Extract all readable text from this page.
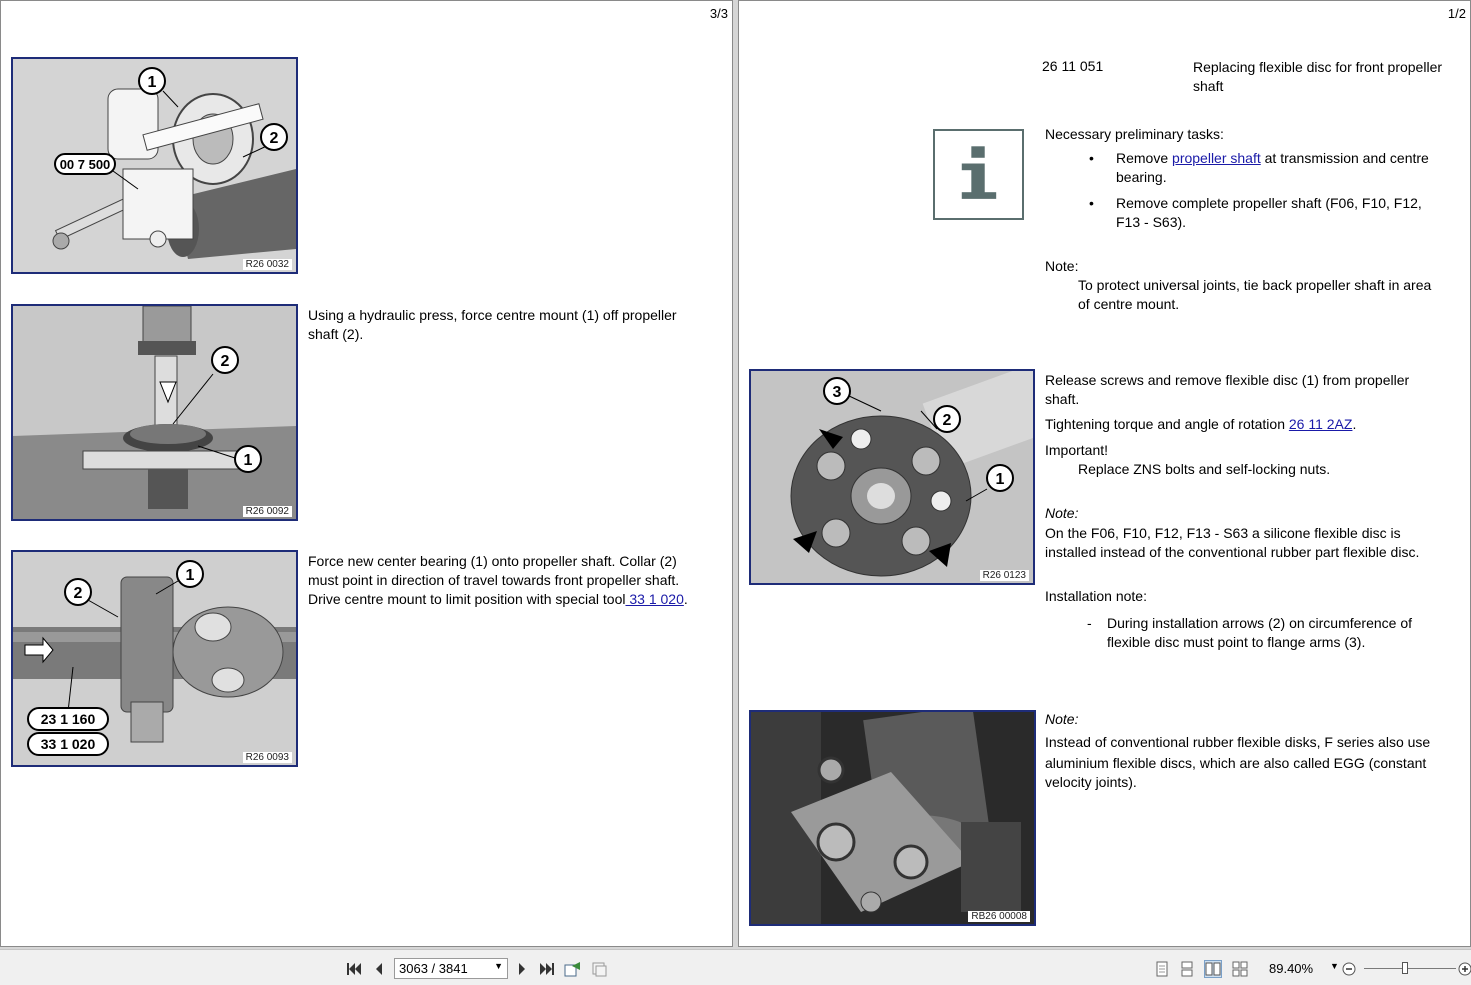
3/3
1
2
00 7 500
R26 0032
2
1
R26 0092
Using a hydraulic press, force centre mount (1) off propeller shaft (2).
1
2
23 1 160
33 1 020
R26 0093
Force new center bearing (1) onto propeller shaft. Collar (2)
must point in direction of travel towards front propeller shaft.
Drive centre mount to limit position with special tool 33 1 020.
1/2
26 11 051	Replacing flexible disc for front propeller
shaft
Necessary preliminary tasks:
• Remove propeller shaft at transmission and centre
bearing.
• Remove complete propeller shaft (F06, F10, F12,
F13 - S63).
Note:
To protect universal joints, tie back propeller shaft in area
of centre mount.
3
2
1
R26 0123
Release screws and remove flexible disc (1) from propeller
shaft.
Tightening torque and angle of rotation 26 11 2AZ.
Important!
Replace ZNS bolts and self-locking nuts.
Note:
On the F06, F10, F12, F13 - S63 a silicone flexible disc is
installed instead of the conventional rubber part flexible disc.
Installation note:
- During installation arrows (2) on circumference of
flexible disc must point to flange arms (3).
RB26 00008
Note:
Instead of conventional rubber flexible disks, F series also use
aluminium flexible discs, which are also called EGG (constant
velocity joints).
3063 / 3841	▼	89.40% ▼
